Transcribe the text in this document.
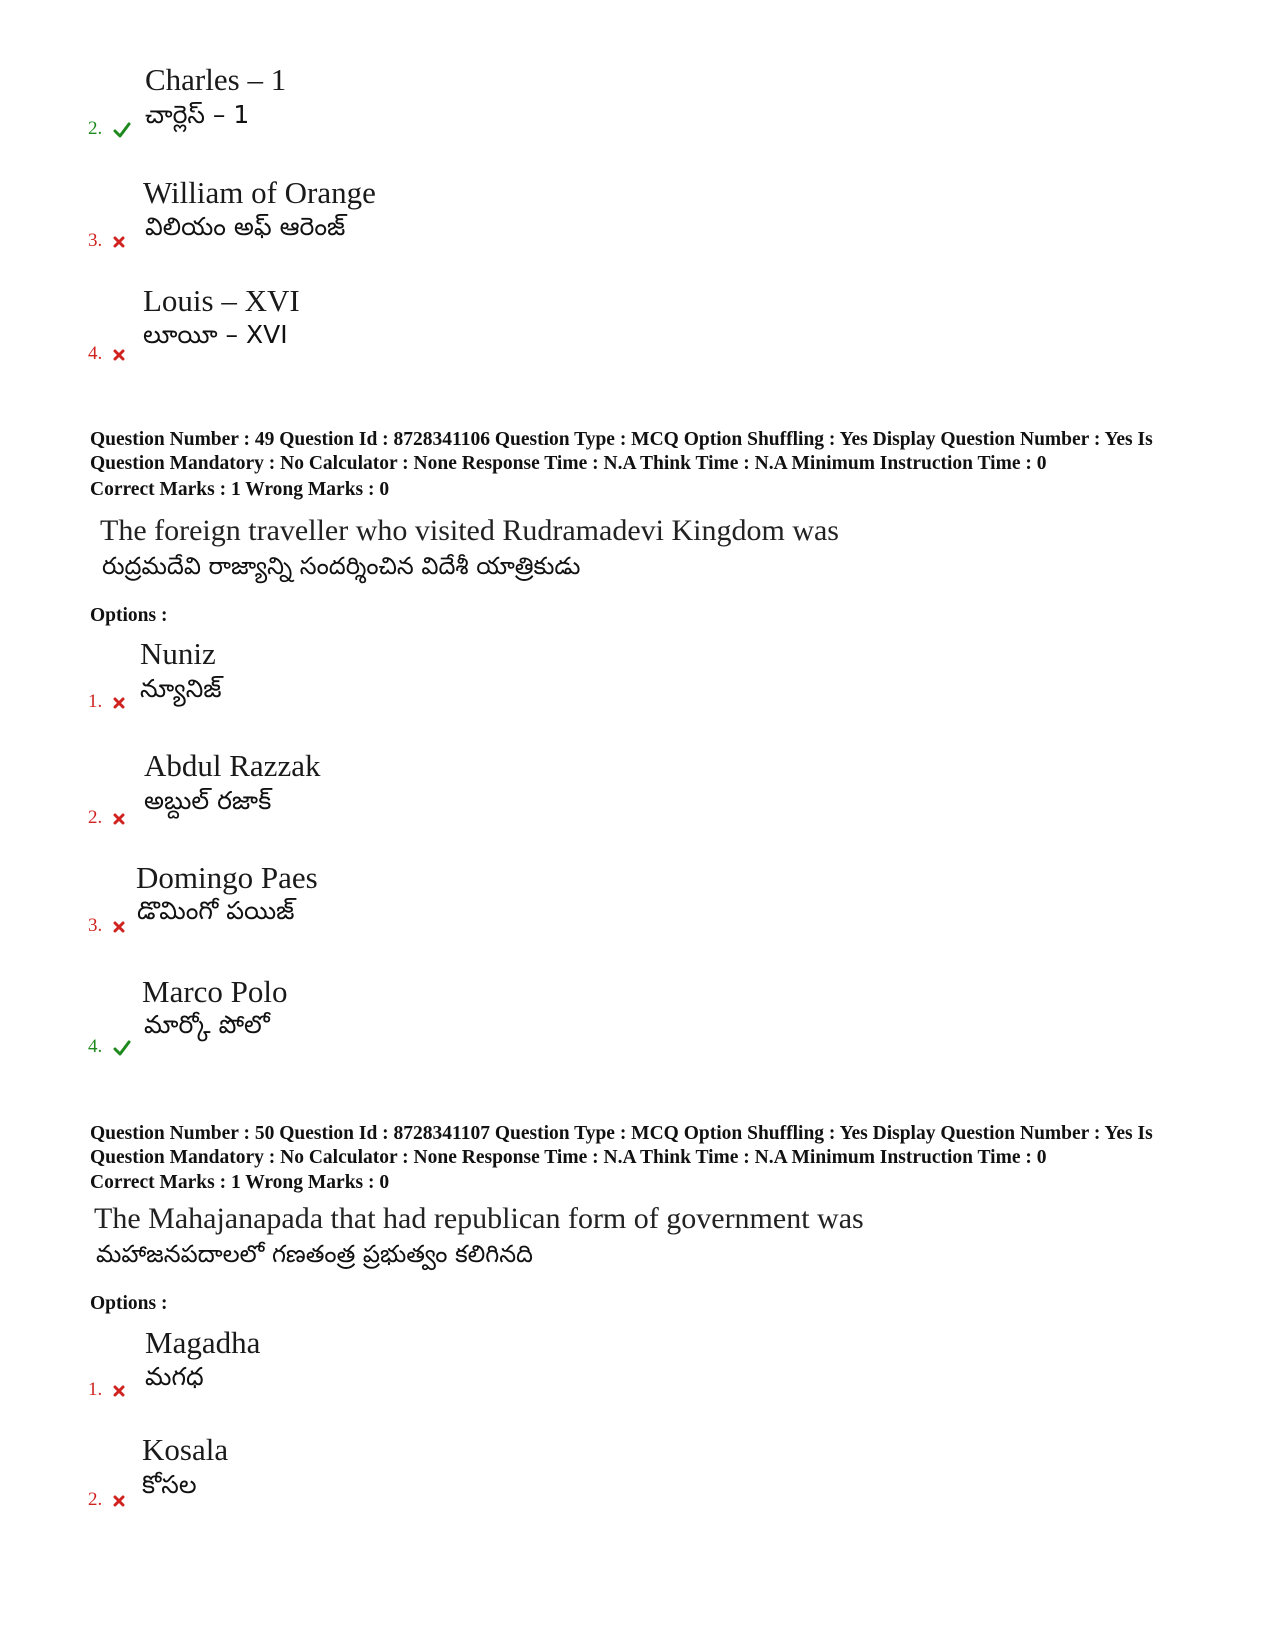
Charles – 1
చార్లెస్ – 1
2.
William of Orange
విలియం అఫ్ ఆరెంజ్
3.
Louis – XVI
లూయీ – XVI
4.
Question Number : 49 Question Id : 8728341106 Question Type : MCQ Option Shuffling : Yes Display Question Number : Yes Is Question Mandatory : No Calculator : None Response Time : N.A Think Time : N.A Minimum Instruction Time : 0
Correct Marks : 1 Wrong Marks : 0
The foreign traveller who visited Rudramadevi Kingdom was
రుద్రమదేవి రాజ్యాన్ని సందర్శించిన విదేశీ యాత్రికుడు
Options :
Nuniz
న్యూనిజ్
1.
Abdul Razzak
అబ్దుల్ రజాక్
2.
Domingo Paes
డొమింగో పయిజ్
3.
Marco Polo
మార్కో పోలో
4.
Question Number : 50 Question Id : 8728341107 Question Type : MCQ Option Shuffling : Yes Display Question Number : Yes Is Question Mandatory : No Calculator : None Response Time : N.A Think Time : N.A Minimum Instruction Time : 0
Correct Marks : 1 Wrong Marks : 0
The Mahajanapada that had republican form of government was
మహాజనపదాలలో గణతంత్ర ప్రభుత్వం కలిగినది
Options :
Magadha
మగధ
1.
Kosala
కోసల
2.
